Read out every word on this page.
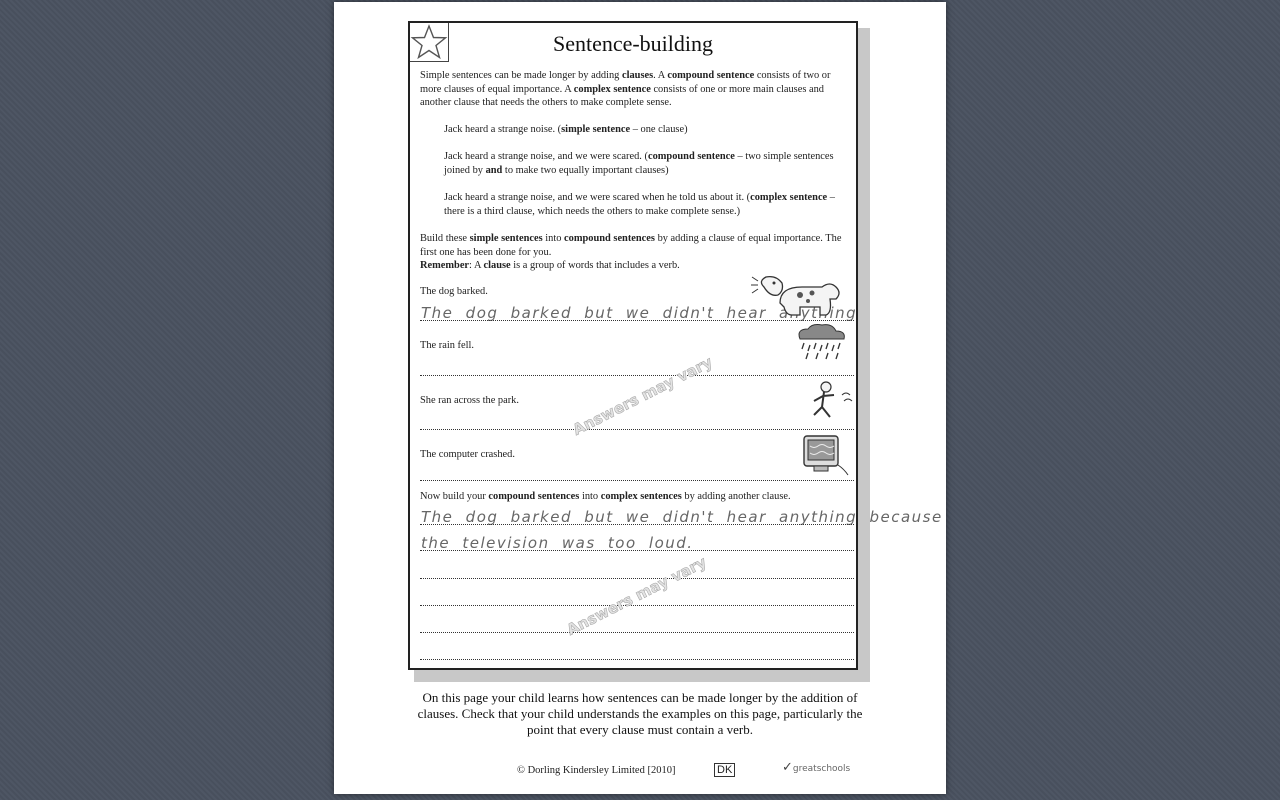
Sentence-building

Simple sentences can be made longer by adding clauses. A compound sentence consists of two or more clauses of equal importance. A complex sentence consists of one or more main clauses and another clause that needs the others to make complete sense.

Jack heard a strange noise. (simple sentence – one clause)

Jack heard a strange noise, and we were scared. (compound sentence – two simple sentences joined by and to make two equally important clauses)

Jack heard a strange noise, and we were scared when he told us about it. (complex sentence – there is a third clause, which needs the others to make complete sense.)

Build these simple sentences into compound sentences by adding a clause of equal importance. The first one has been done for you.
Remember: A clause is a group of words that includes a verb.

The dog barked.
The dog barked but we didn't hear anything
The rain fell.
She ran across the park.
The computer crashed.

Now build your compound sentences into complex sentences by adding another clause.

The dog barked but we didn't hear anything because
the television was too loud.
Answers may vary
Answers may vary
On this page your child learns how sentences can be made longer by the addition of clauses. Check that your child understands the examples on this page, particularly the point that every clause must contain a verb.
© Dorling Kindersley Limited [2010]	DK	✓greatschools
